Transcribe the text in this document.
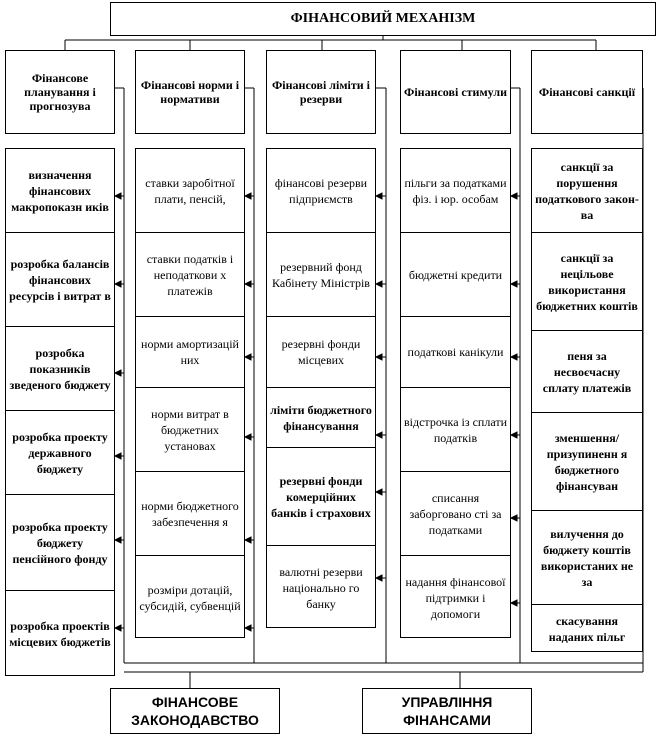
ФІНАНСОВИЙ МЕХАНІЗМ
Фінансове планування і прогнозува
Фінансові норми і нормативи
Фінансові ліміти і резерви	Фінансові стимули	Фінансові санкції
визначення фінансових макропоказн иків
розробка балансів фінансових ресурсів і витрат в
розробка показників зведеного бюджету
розробка проекту державного бюджету
розробка проекту бюджету пенсійного фонду
розробка проектів місцевих бюджетів
ставки заробітної плати, пенсій,
ставки податків і неподаткови х платежів
норми амортизацій них
норми витрат в бюджетних установах
норми бюджетного забезпечення я
розміри дотацій, субсидій, субвенцій
фінансові резерви підприємств
резервний фонд Кабінету Міністрів
резервні фонди місцевих
ліміти бюджетного фінансування
резервні фонди комерційних банків і страхових
валютні резерви національно го банку
пільги за податками фіз. і юр. особам
бюджетні кредити
податкові канікули
відстрочка із сплати податків
списання заборговано сті за податками
надання фінансової підтримки і допомоги
санкції за порушення податкового закон-ва
санкції за нецільове використання бюджетних коштів
пеня за несвоєчасну сплату платежів
зменшення/ призупиненн я бюджетного фінансуван
вилучення до бюджету коштів використаних не за
скасування наданих пільг
ФІНАНСОВЕ ЗАКОНОДАВСТВО
УПРАВЛІННЯ ФІНАНСАМИ
